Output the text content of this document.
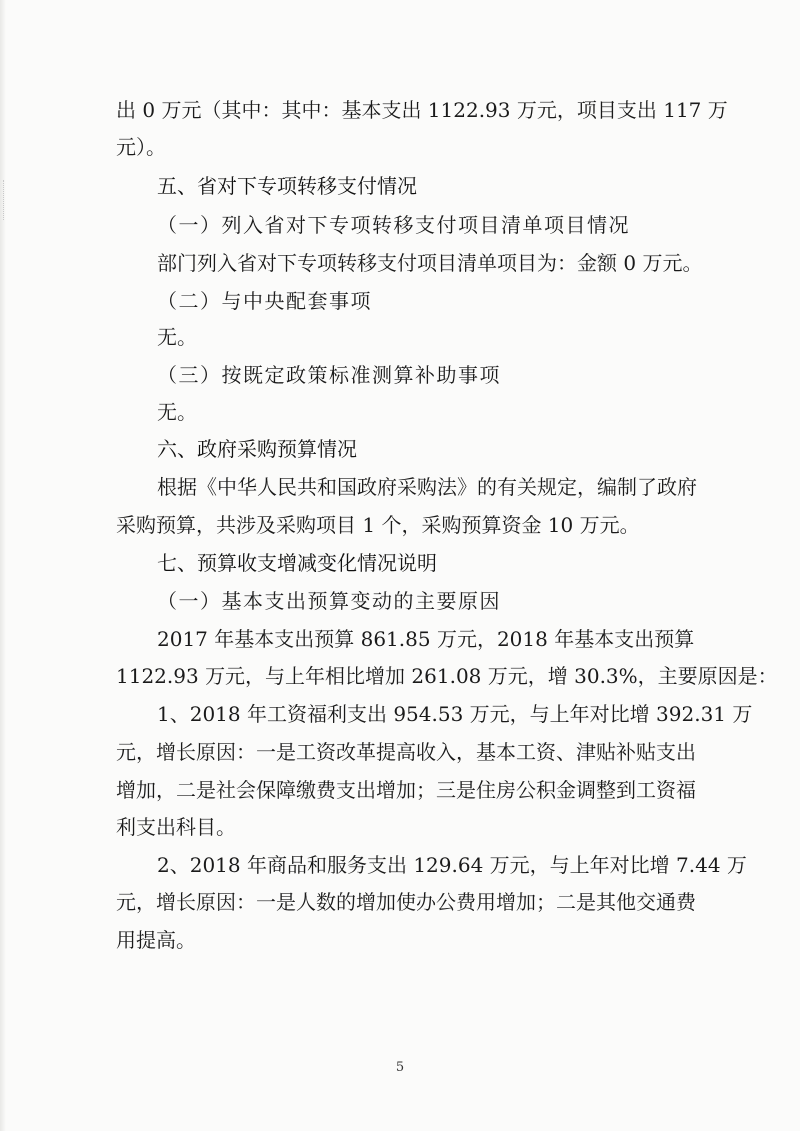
出 0 万元（其中：其中：基本支出 1122.93 万元，项目支出 117 万
元）。
五、省对下专项转移支付情况
（一）列入省对下专项转移支付项目清单项目情况
部门列入省对下专项转移支付项目清单项目为：金额 0 万元。
（二）与中央配套事项
无。
（三）按既定政策标准测算补助事项
无。
六、政府采购预算情况
根据《中华人民共和国政府采购法》的有关规定，编制了政府
采购预算，共涉及采购项目 1 个，采购预算资金 10 万元。
七、预算收支增减变化情况说明
（一）基本支出预算变动的主要原因
2017 年基本支出预算 861.85 万元，2018 年基本支出预算
1122.93 万元，与上年相比增加 261.08 万元，增 30.3%，主要原因是：
1、2018 年工资福利支出 954.53 万元，与上年对比增 392.31 万
元，增长原因：一是工资改革提高收入，基本工资、津贴补贴支出
增加，二是社会保障缴费支出增加；三是住房公积金调整到工资福
利支出科目。
2、2018 年商品和服务支出 129.64 万元，与上年对比增 7.44 万
元，增长原因：一是人数的增加使办公费用增加；二是其他交通费
用提高。
5
